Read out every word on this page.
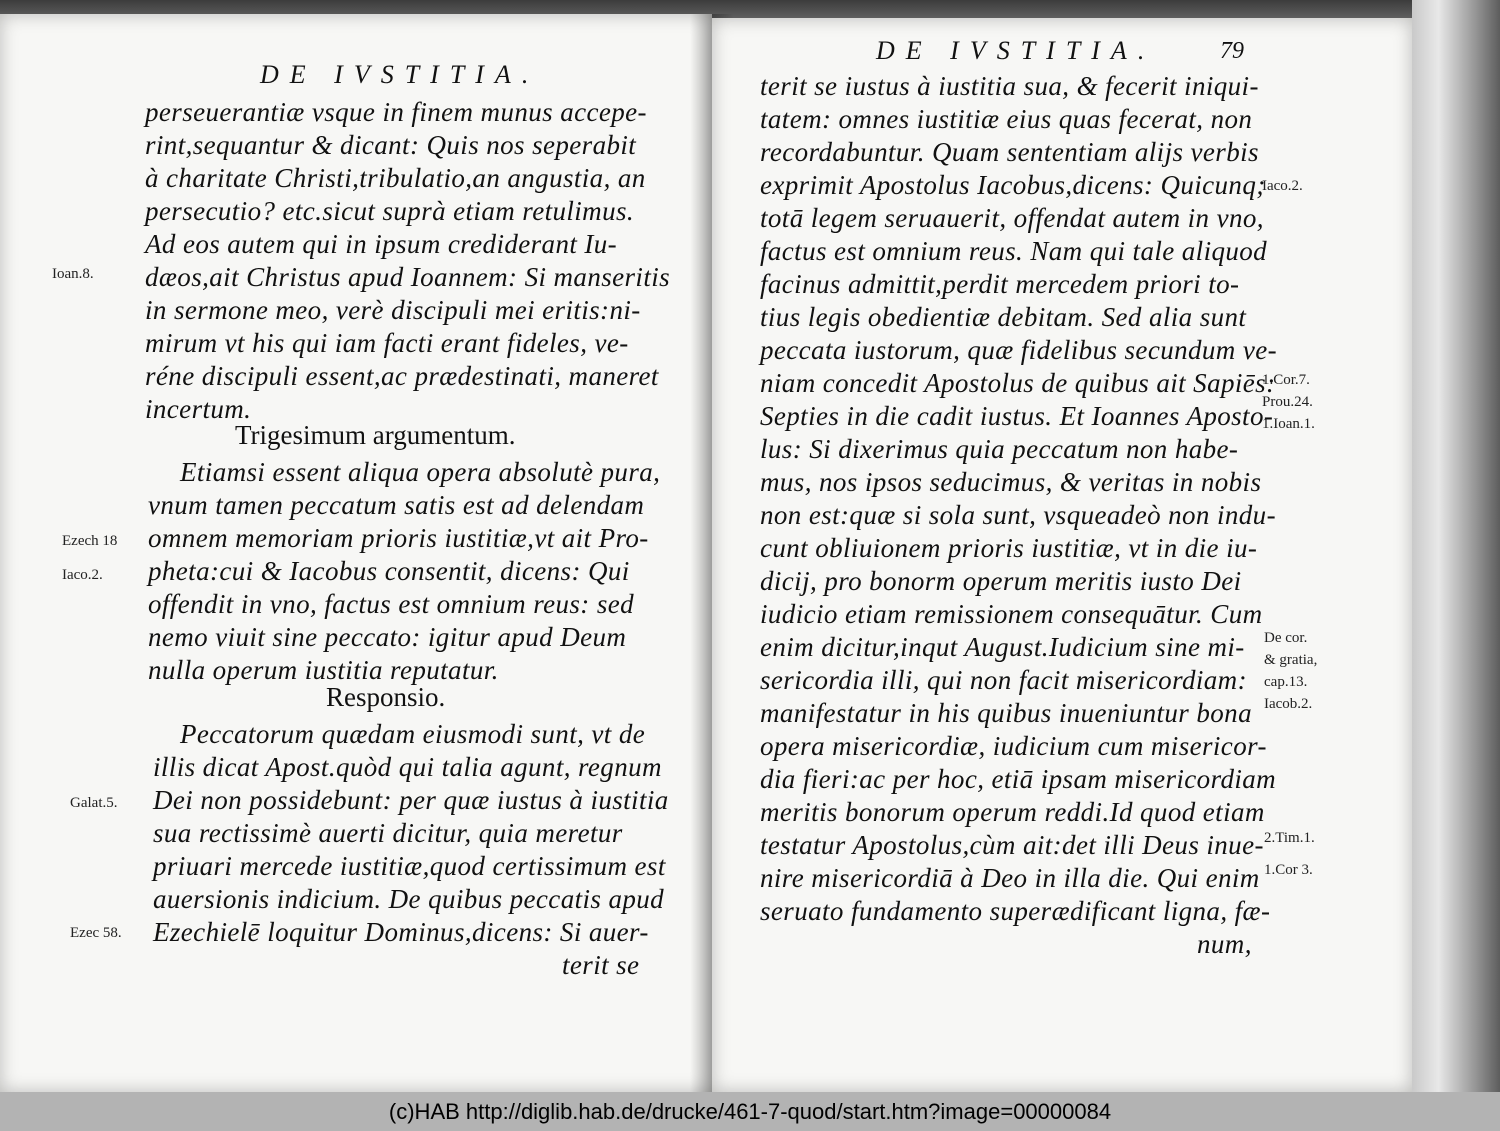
DE IVSTITIA.
perseuerantiæ vsque in finem munus accepe-
rint,sequantur & dicant: Quis nos seperabit
à charitate Christi,tribulatio,an angustia, an
persecutio? etc.sicut suprà etiam retulimus.
Ad eos autem qui in ipsum crediderant Iu-
dæos,ait Christus apud Ioannem: Si manseritis
in sermone meo, verè discipuli mei eritis:ni-
mirum vt his qui iam facti erant fideles, ve-
réne discipuli essent,ac prædestinati, maneret
incertum.
Trigesimum argumentum.
Etiamsi essent aliqua opera absolutè pura,
vnum tamen peccatum satis est ad delendam
omnem memoriam prioris iustitiæ,vt ait Pro-
pheta:cui & Iacobus consentit, dicens: Qui
offendit in vno, factus est omnium reus: sed
nemo viuit sine peccato: igitur apud Deum
nulla operum iustitia reputatur.
Responsio.
Peccatorum quædam eiusmodi sunt, vt de
illis dicat Apost.quòd qui talia agunt, regnum
Dei non possidebunt: per quæ iustus à iustitia
sua rectissimè auerti dicitur, quia meretur
priuari mercede iustitiæ,quod certissimum est
auersionis indicium. De quibus peccatis apud
Ezechielē loquitur Dominus,dicens: Si auer-
terit se
Ioan.8.
Ezech 18
Iaco.2.
Galat.5.
Ezec 58.
DE IVSTITIA.	79
terit se iustus à iustitia sua, & fecerit iniqui-
tatem: omnes iustitiæ eius quas fecerat, non
recordabuntur. Quam sententiam alijs verbis
exprimit Apostolus Iacobus,dicens: Quicunq;
totā legem seruauerit, offendat autem in vno,
factus est omnium reus. Nam qui tale aliquod
facinus admittit,perdit mercedem priori to-
tius legis obedientiæ debitam. Sed alia sunt
peccata iustorum, quæ fidelibus secundum ve-
niam concedit Apostolus de quibus ait Sapiēs:
Septies in die cadit iustus. Et Ioannes Aposto-
lus: Si dixerimus quia peccatum non habe-
mus, nos ipsos seducimus, & veritas in nobis
non est:quæ si sola sunt, vsqueadeò non indu-
cunt obliuionem prioris iustitiæ, vt in die iu-
dicij, pro bonorm operum meritis iusto Dei
iudicio etiam remissionem consequātur. Cum
enim dicitur,inqut August.Iudicium sine mi-
sericordia illi, qui non facit misericordiam:
manifestatur in his quibus inueniuntur bona
opera misericordiæ, iudicium cum misericor-
dia fieri:ac per hoc, etiā ipsam misericordiam
meritis bonorum operum reddi.Id quod etiam
testatur Apostolus,cùm ait:det illi Deus inue-
nire misericordiā à Deo in illa die. Qui enim
seruato fundamento superædificant ligna, fæ-
num,
Iaco.2.
1.Cor.7.
Prou.24.
1.Ioan.1.
De cor.
& gratia,
cap.13.
Iacob.2.
2.Tim.1.
1.Cor 3.
(c)HAB http://diglib.hab.de/drucke/461-7-quod/start.htm?image=00000084
